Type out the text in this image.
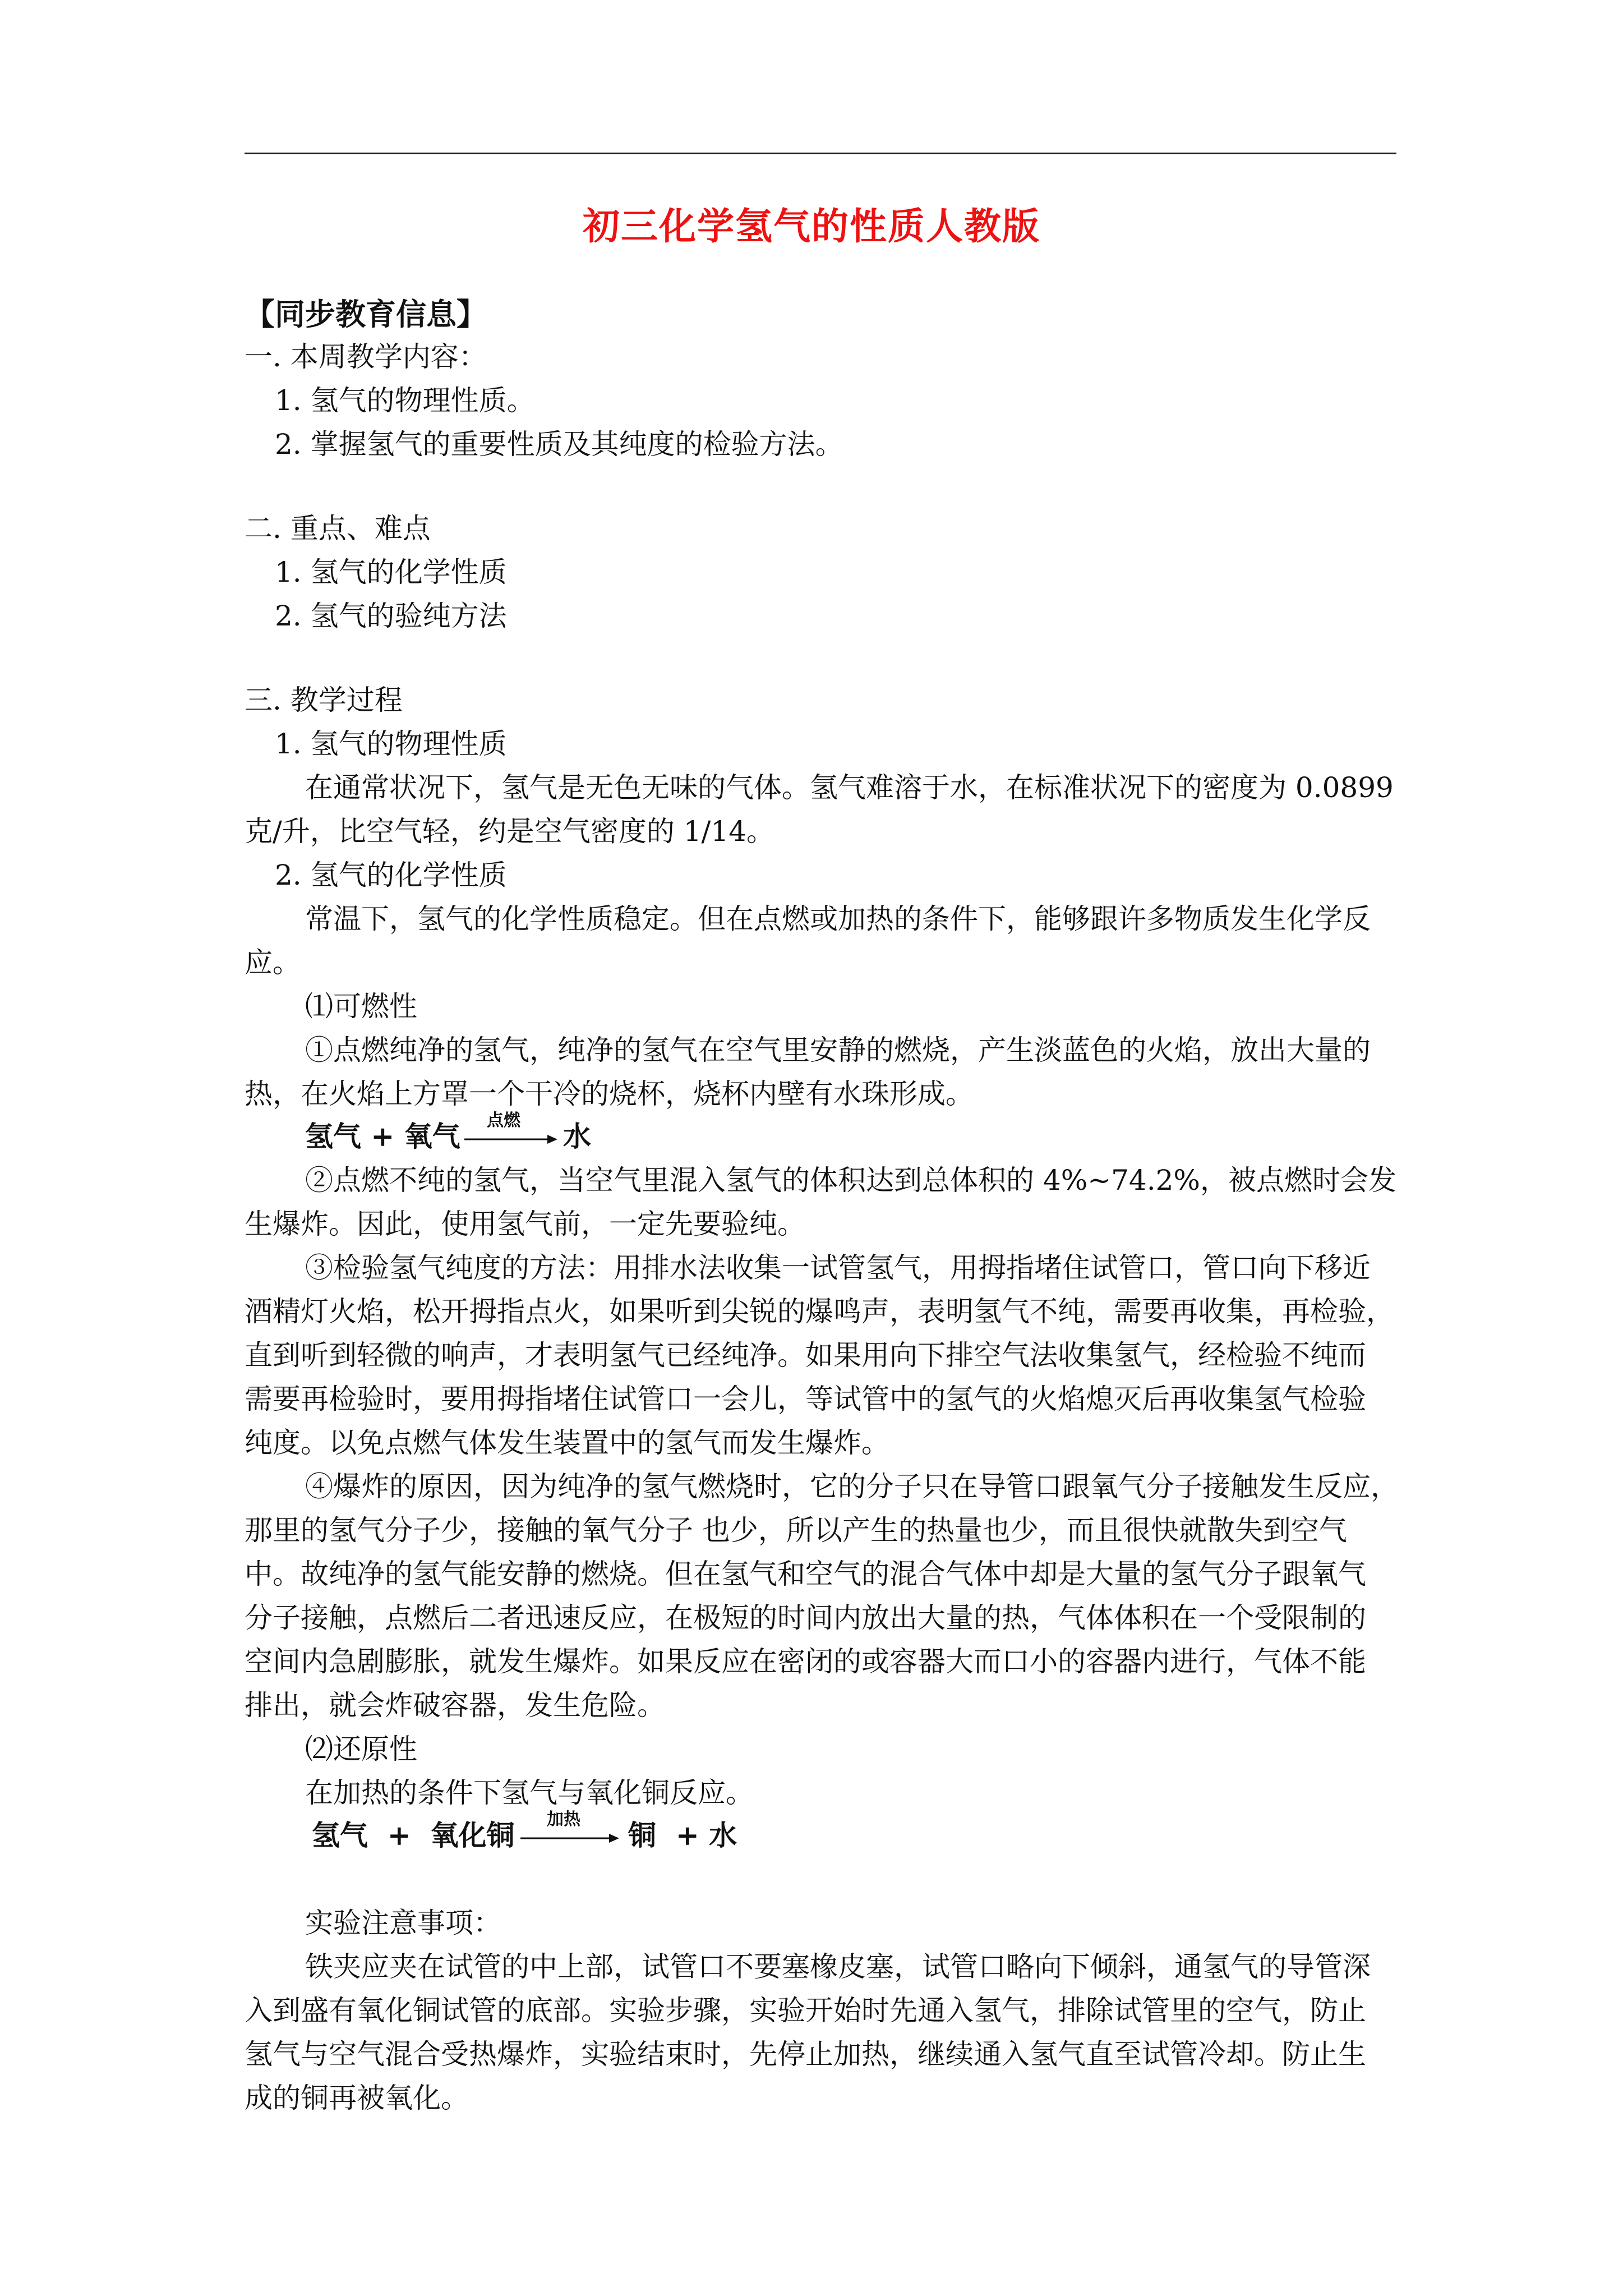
初三化学氢气的性质人教版
【同步教育信息】
一. 本周教学内容：
1. 氢气的物理性质。
2. 掌握氢气的重要性质及其纯度的检验方法。
二. 重点、难点
1. 氢气的化学性质
2. 氢气的验纯方法
三. 教学过程
1. 氢气的物理性质
在通常状况下，氢气是无色无味的气体。氢气难溶于水，在标准状况下的密度为 0.0899
克/升，比空气轻，约是空气密度的 1/14。
2. 氢气的化学性质
常温下，氢气的化学性质稳定。但在点燃或加热的条件下，能够跟许多物质发生化学反
应。
⑴可燃性
①点燃纯净的氢气，纯净的氢气在空气里安静的燃烧，产生淡蓝色的火焰，放出大量的
热，在火焰上方罩一个干冷的烧杯，烧杯内壁有水珠形成。
氢气 + 氧气	点燃	水
②点燃不纯的氢气，当空气里混入氢气的体积达到总体积的 4%~74.2%，被点燃时会发
生爆炸。因此，使用氢气前，一定先要验纯。
③检验氢气纯度的方法：用排水法收集一试管氢气，用拇指堵住试管口，管口向下移近
酒精灯火焰，松开拇指点火，如果听到尖锐的爆鸣声，表明氢气不纯，需要再收集，再检验，
直到听到轻微的响声，才表明氢气已经纯净。如果用向下排空气法收集氢气，经检验不纯而
需要再检验时，要用拇指堵住试管口一会儿，等试管中的氢气的火焰熄灭后再收集氢气检验
纯度。以免点燃气体发生装置中的氢气而发生爆炸。
④爆炸的原因，因为纯净的氢气燃烧时，它的分子只在导管口跟氧气分子接触发生反应，
那里的氢气分子少，接触的氧气分子 也少，所以产生的热量也少，而且很快就散失到空气
中。故纯净的氢气能安静的燃烧。但在氢气和空气的混合气体中却是大量的氢气分子跟氧气
分子接触，点燃后二者迅速反应，在极短的时间内放出大量的热，气体体积在一个受限制的
空间内急剧膨胀，就发生爆炸。如果反应在密闭的或容器大而口小的容器内进行，气体不能
排出，就会炸破容器，发生危险。
⑵还原性
在加热的条件下氢气与氧化铜反应。
氢气  +  氧化铜	加热	铜  + 水
实验注意事项：
铁夹应夹在试管的中上部，试管口不要塞橡皮塞，试管口略向下倾斜，通氢气的导管深
入到盛有氧化铜试管的底部。实验步骤，实验开始时先通入氢气，排除试管里的空气，防止
氢气与空气混合受热爆炸，实验结束时，先停止加热，继续通入氢气直至试管冷却。防止生
成的铜再被氧化。
